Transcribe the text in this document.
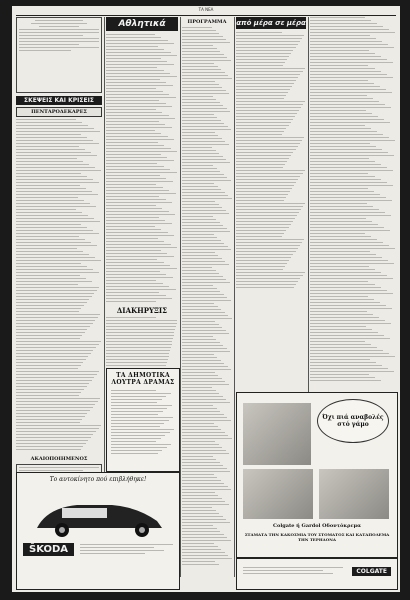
ΤΑ ΝΕΑ
ΣΚΕΨΕΙΣ ΚΑΙ ΚΡΙΣΕΙΣ
ΠΕΝΤΑΡΟΔΕΚΑΡΕΣ
ΑΚΑΙΟΠΟΙΗΜΕΝΟΣ
Αθλητικά
ΔΙΑΚΗΡΥΞΙΣ
ΠΡΟΓΡΑΜΜΑ	από μέρα σε μέρα
ΤΑ ΔΗΜΟΤΙΚΑ ΛΟΥΤΡΑ ΔΡΑΜΑΣ
Το αυτοκίνητο πού επιβλήθηκε!
ŠKODA
Όχι πιά αναβολές στό γάμο
Colgate ή Gardol Οδοντόκρεμα
ΣΤΑΜΑΤΑ ΤΗΝ ΚΑΚΟΣΜΙΑ ΤΟΥ ΣΤΟΜΑΤΟΣ ΚΑΙ ΚΑΤΑΠΟΛΕΜΑ ΤΗΝ ΤΕΡΗΔΟΝΑ
COLGATE
